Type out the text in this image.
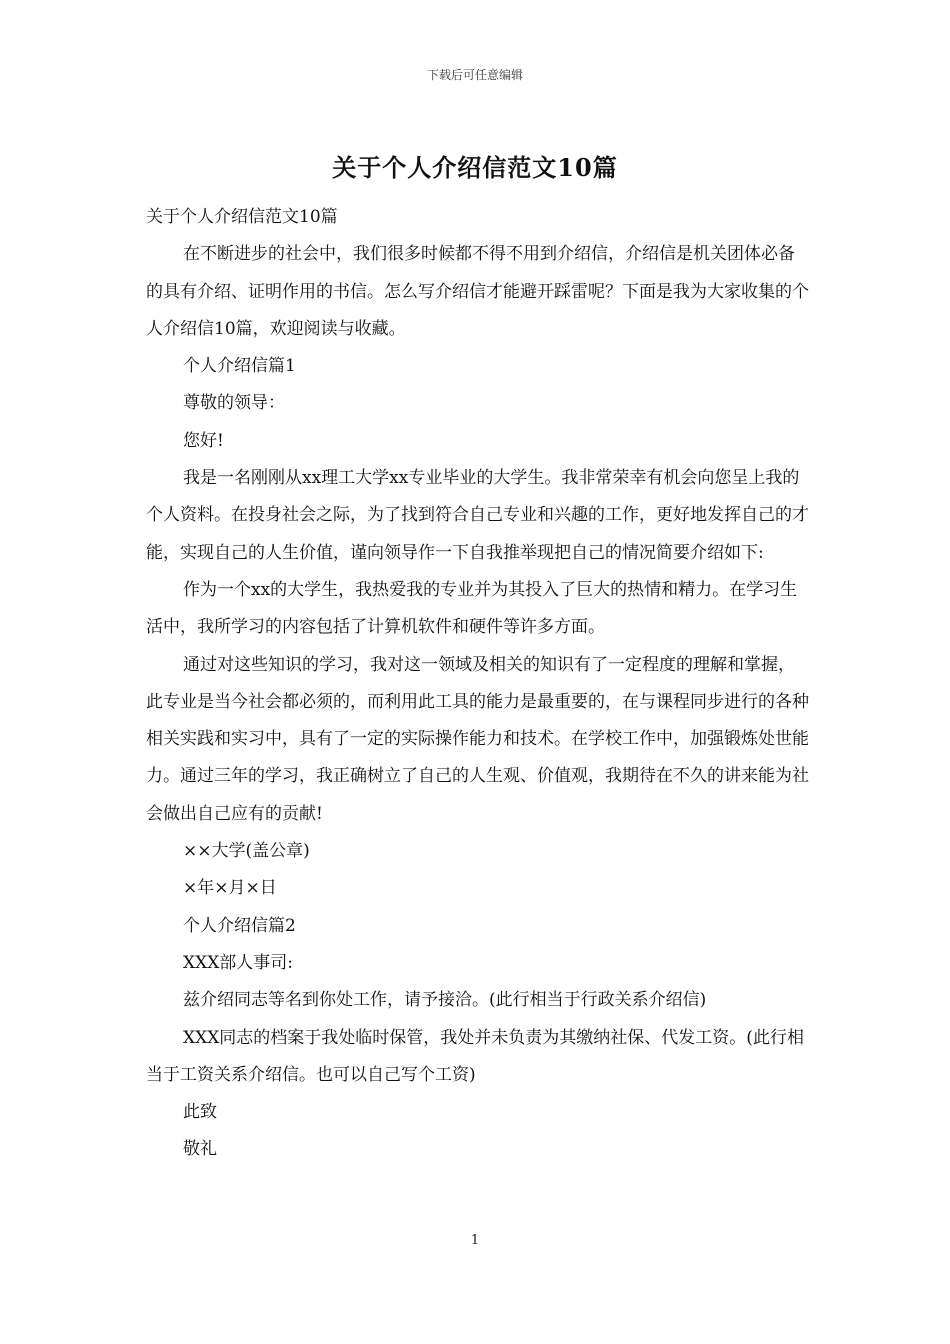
下载后可任意编辑
关于个人介绍信范文10篇

关于个人介绍信范文10篇

在不断进步的社会中，我们很多时候都不得不用到介绍信，介绍信是机关团体必备的具有介绍、证明作用的书信。怎么写介绍信才能避开踩雷呢？下面是我为大家收集的个人介绍信10篇，欢迎阅读与收藏。

个人介绍信篇1

尊敬的领导：

您好!

我是一名刚刚从xx理工大学xx专业毕业的大学生。我非常荣幸有机会向您呈上我的个人资料。在投身社会之际，为了找到符合自己专业和兴趣的工作，更好地发挥自己的才能，实现自己的人生价值，谨向领导作一下自我推举现把自己的情况简要介绍如下:

作为一个xx的大学生，我热爱我的专业并为其投入了巨大的热情和精力。在学习生活中，我所学习的内容包括了计算机软件和硬件等许多方面。

通过对这些知识的学习，我对这一领域及相关的知识有了一定程度的理解和掌握，此专业是当今社会都必须的，而利用此工具的能力是最重要的，在与课程同步进行的各种相关实践和实习中，具有了一定的实际操作能力和技术。在学校工作中，加强锻炼处世能力。通过三年的学习，我正确树立了自己的人生观、价值观，我期待在不久的讲来能为社会做出自己应有的贡献!

××大学(盖公章)

×年×月×日

个人介绍信篇2

XXX部人事司:

兹介绍同志等名到你处工作，请予接洽。(此行相当于行政关系介绍信)

XXX同志的档案于我处临时保管，我处并未负责为其缴纳社保、代发工资。(此行相当于工资关系介绍信。也可以自己写个工资)

此致

敬礼

1
